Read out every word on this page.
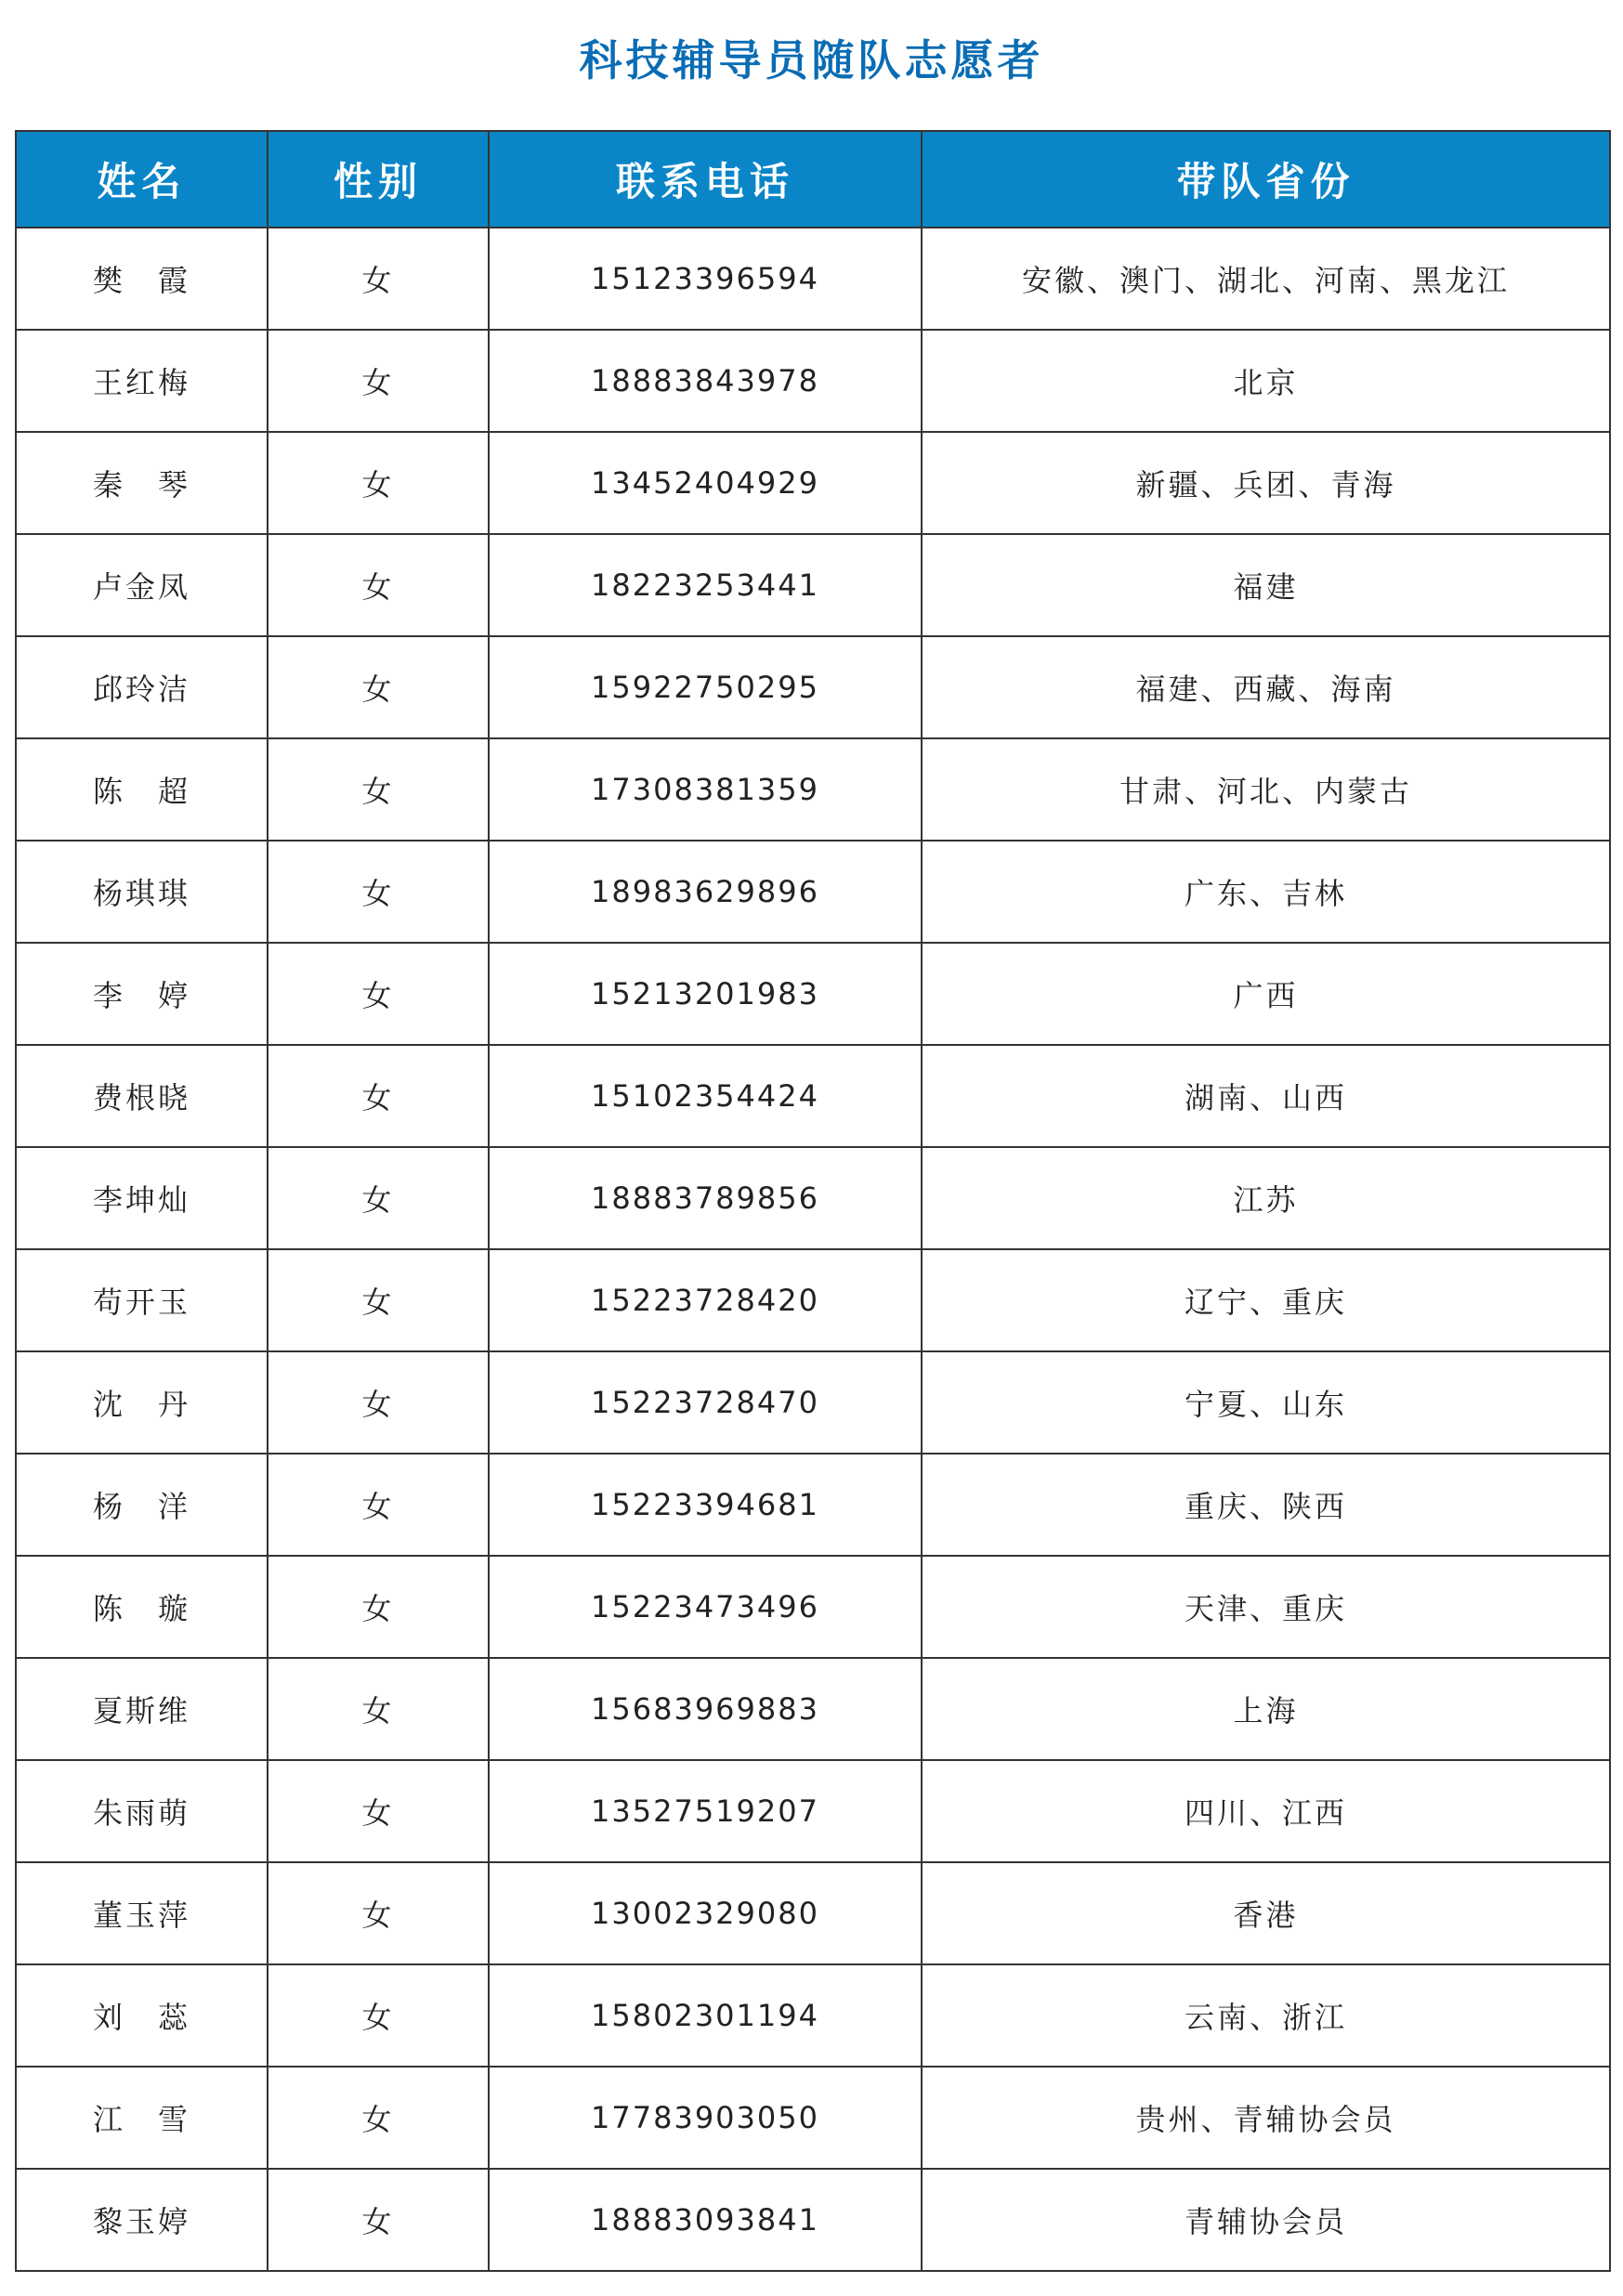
科技辅导员随队志愿者
姓名	性别	联系电话	带队省份
樊　霞	女	15123396594	安徽、澳门、湖北、河南、黑龙江
王红梅	女	18883843978	北京
秦　琴	女	13452404929	新疆、兵团、青海
卢金凤	女	18223253441	福建
邱玲洁	女	15922750295	福建、西藏、海南
陈　超	女	17308381359	甘肃、河北、内蒙古
杨琪琪	女	18983629896	广东、吉林
李　婷	女	15213201983	广西
费根晓	女	15102354424	湖南、山西
李坤灿	女	18883789856	江苏
苟开玉	女	15223728420	辽宁、重庆
沈　丹	女	15223728470	宁夏、山东
杨　洋	女	15223394681	重庆、陕西
陈　璇	女	15223473496	天津、重庆
夏斯维	女	15683969883	上海
朱雨萌	女	13527519207	四川、江西
董玉萍	女	13002329080	香港
刘　蕊	女	15802301194	云南、浙江
江　雪	女	17783903050	贵州、青辅协会员
黎玉婷	女	18883093841	青辅协会员
